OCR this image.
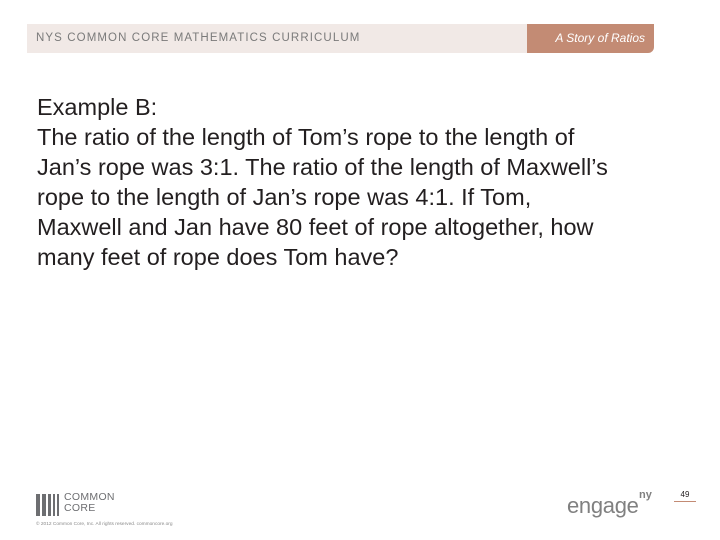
NYS COMMON CORE MATHEMATICS CURRICULUM	A Story of Ratios
Example B:
The ratio of the length of Tom’s rope to the length of
Jan’s rope was 3:1. The ratio of the length of Maxwell’s
rope to the length of Jan’s rope was 4:1. If Tom,
Maxwell and Jan have 80 feet of rope altogether, how
many feet of rope does Tom have?
COMMON
CORE
© 2012 Common Core, Inc. All rights reserved. commoncore.org
engage ny	49
